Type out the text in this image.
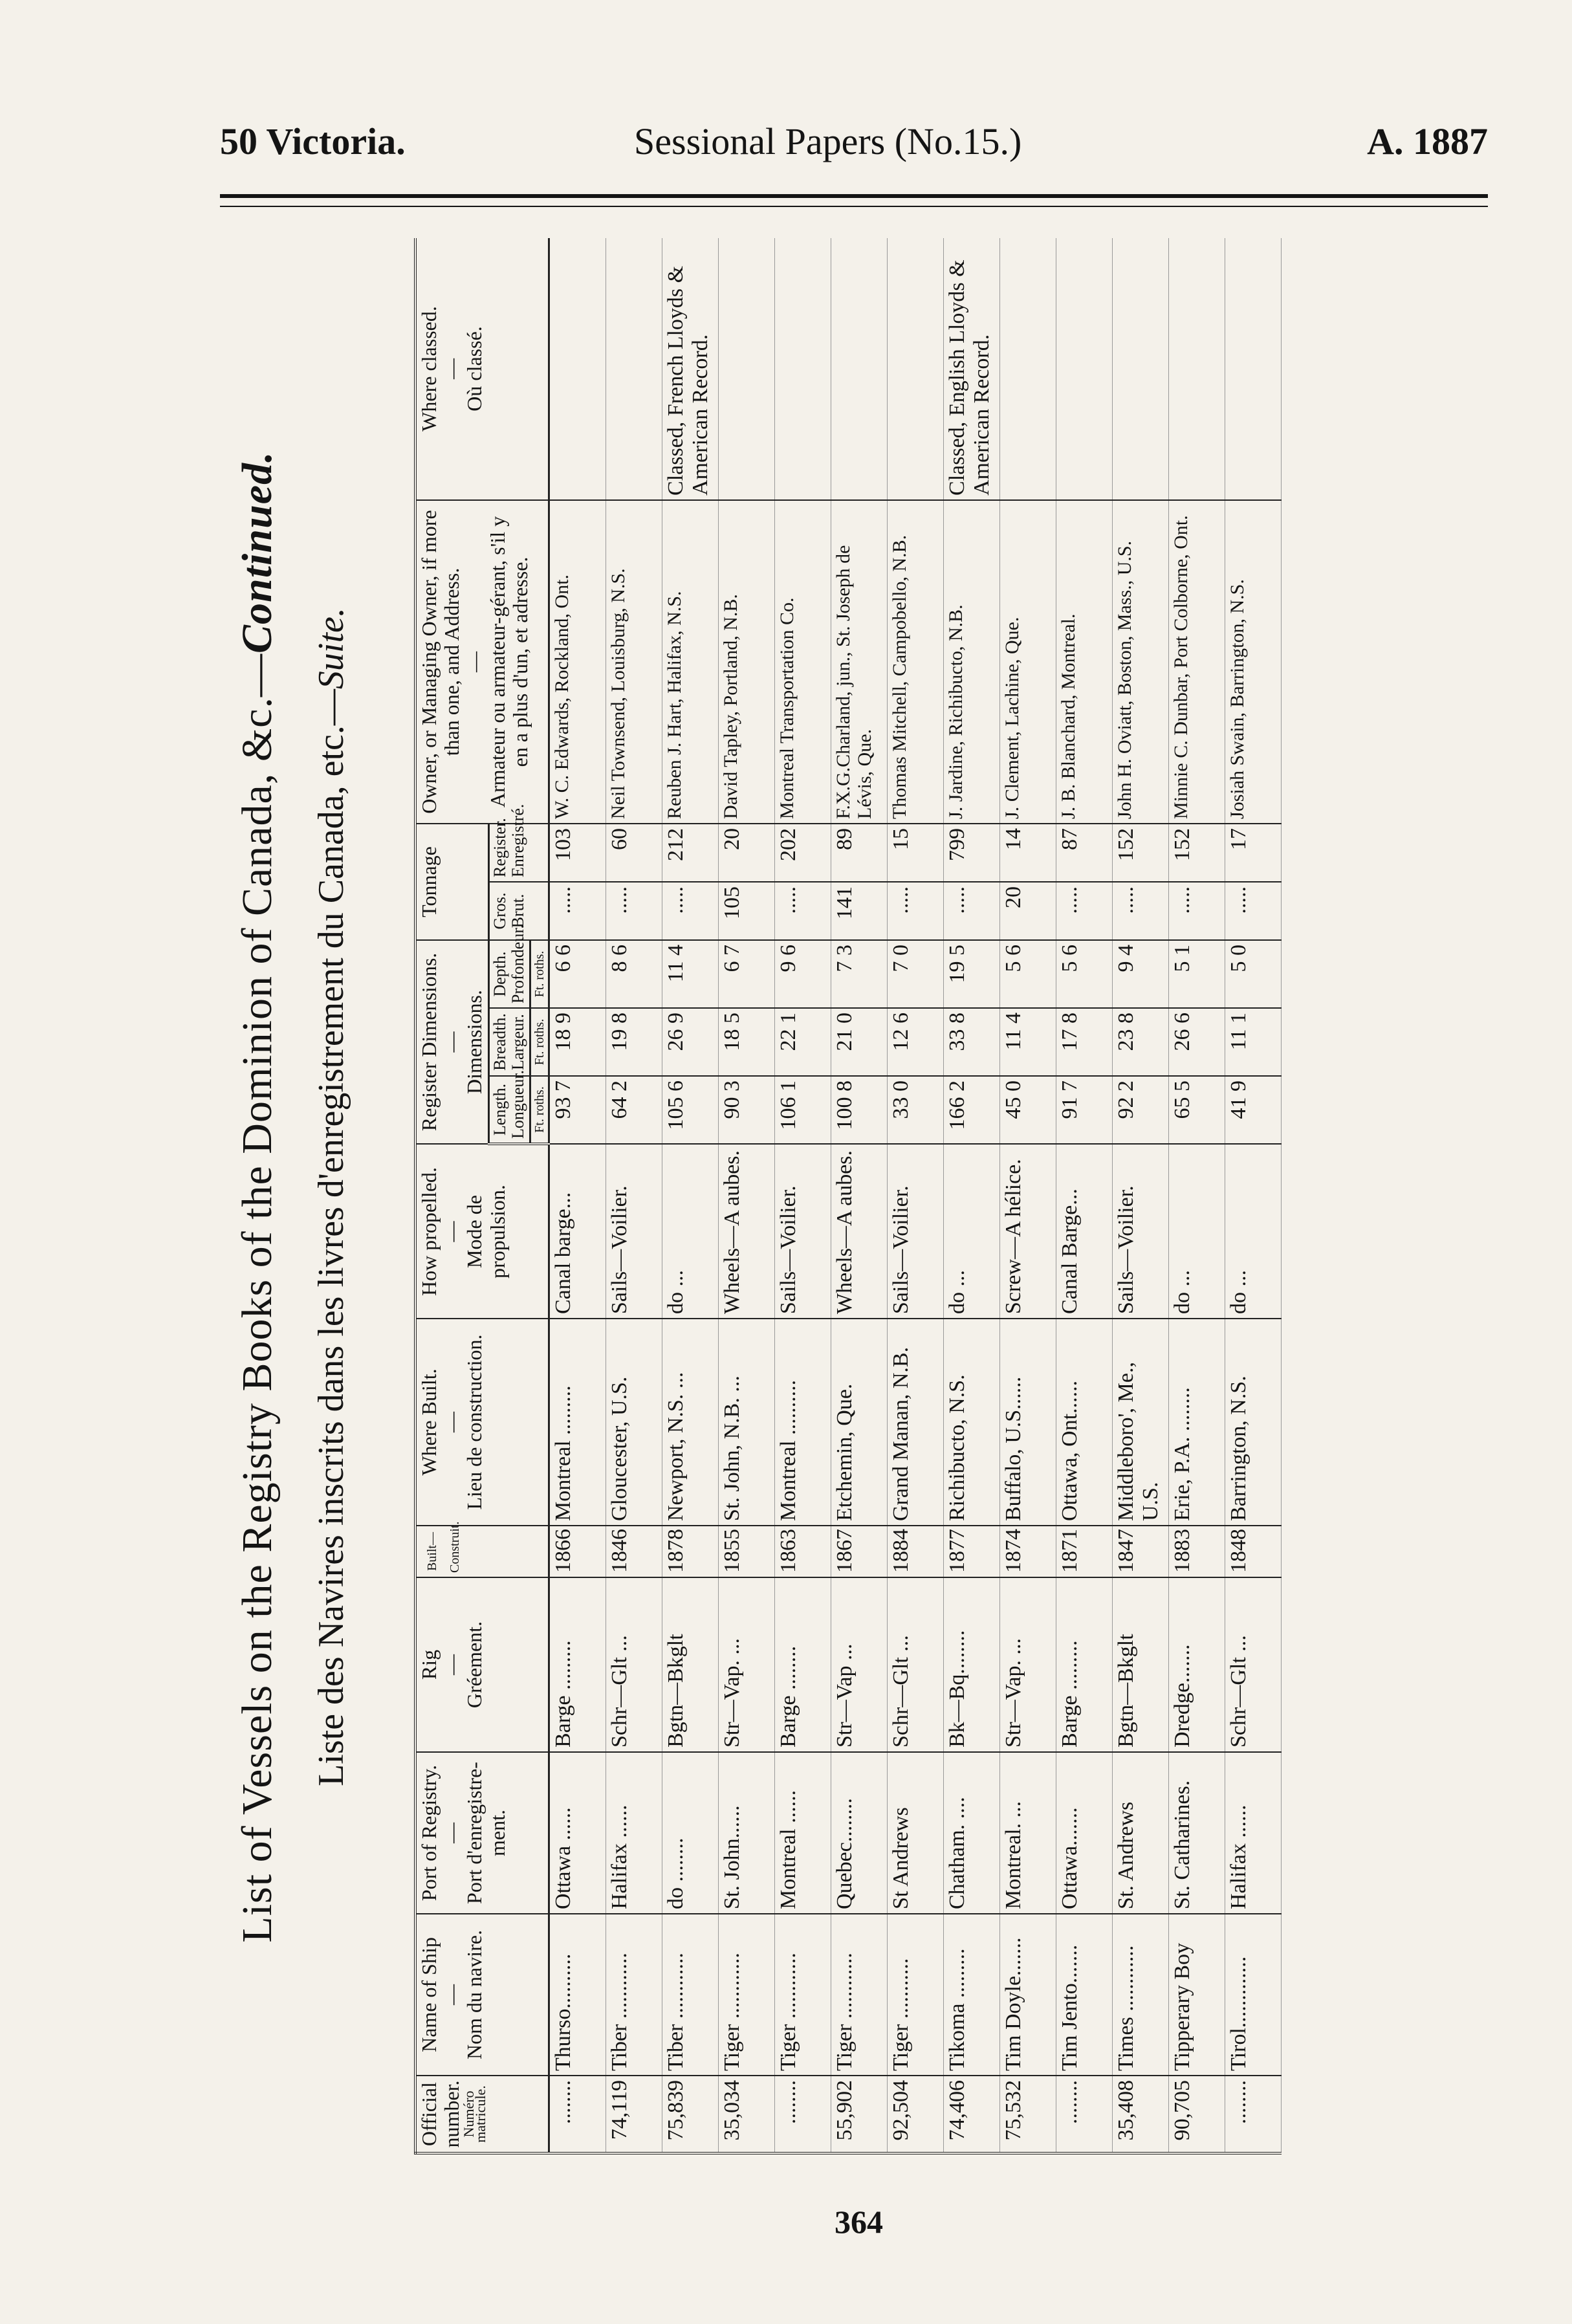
50 Victoria.	Sessional Papers (No.15.)	A. 1887
List of Vessels on the Registry Books of the Dominion of Canada, &c.—Continued.
Liste des Navires inscrits dans les livres d'enregistrement du Canada, etc.—Suite.
Official number.
Numéro matricule.	Name of Ship
—
Nom du navire.	Port of Registry.
—
Port d'enregistre-ment.	Rig
—
Gréement.	Built—Construit.	Where Built.
—
Lieu de construction.	How propelled.
—
Mode de propulsion.	Register Dimensions.
—
Dimensions.			Tonnage		Owner, or Managing Owner, if more than one, and Address.
—
Armateur ou armateur-gérant, s'il y en a plus d'un, et adresse.	Where classed.
—
Où classé.
							Length. Longueur.	Breadth. Largeur.	Depth. Profondeur.	Gros. Brut.	Register. Enregistré.		
							Ft. roths.	Ft. roths.	Ft. roths.				
........	Thurso..........	Ottawa ......	Barge .........	1866	Montreal .........	Canal barge...	93 7	18 9	6 6	.....	103	W. C. Edwards, Rockland, Ont.	
74,119	Tiber ............	Halifax ......	Schr—Glt ...	1846	Gloucester, U.S.	Sails—Voilier.	64 2	19 8	8 6	.....	60	Neil Townsend, Louisburg, N.S.	
75,839	Tiber ............	do ........	Bgtn—Bkglt	1878	Newport, N.S. ...	do ...	105 6	26 9	11 4	.....	212	Reuben J. Hart, Halifax, N.S.	Classed, French Lloyds & American Record.
35,034	Tiger ............	St. John......	Str—Vap. ...	1855	St. John, N.B. ...	Wheels—A aubes.	90 3	18 5	6 7	105	20	David Tapley, Portland, N.B.	
........	Tiger ............	Montreal ......	Barge ........	1863	Montreal ..........	Sails—Voilier.	106 1	22 1	9 6	.....	202	Montreal Transportation Co.	
55,902	Tiger ............	Quebec........	Str—Vap ...	1867	Etchemin, Que.	Wheels—A aubes.	100 8	21 0	7 3	141	89	F.X.G.Charland, jun., St. Joseph de Lévis, Que.	
92,504	Tiger ...........	St Andrews	Schr—Glt ...	1884	Grand Manan, N.B.	Sails—Voilier.	33 0	12 6	7 0	.....	15	Thomas Mitchell, Campobello, N.B.	
74,406	Tikoma .........	Chatham. ....	Bk—Bq........	1877	Richibucto, N.S.	do ...	166 2	33 8	19 5	.....	799	J. Jardine, Richibucto, N.B.	Classed, English Lloyds & American Record.
75,532	Tim Doyle.......	Montreal. ...	Str—Vap. ...	1874	Buffalo, U.S......	Screw—A hélice.	45 0	11 4	5 6	20	14	J. Clement, Lachine, Que.	
........	Tim Jento.......	Ottawa.......	Barge .........	1871	Ottawa, Ont......	Canal Barge...	91 7	17 8	5 6	.....	87	J. B. Blanchard, Montreal.	
35,408	Times ............	St. Andrews	Bgtn—Bkglt	1847	Middleboro', Me., U.S.	Sails—Voilier.	92 2	23 8	9 4	.....	152	John H. Oviatt, Boston, Mass., U.S.	
90,705	Tipperary Boy	St. Catharines.	Dredge.......	1883	Erie, P.A. ........	do ...	65 5	26 6	5 1	.....	152	Minnie C. Dunbar, Port Colborne, Ont.	
........	Tirol.............	Halifax ......	Schr—Glt ...	1848	Barrington, N.S.	do ...	41 9	11 1	5 0	.....	17	Josiah Swain, Barrington, N.S.	
364
